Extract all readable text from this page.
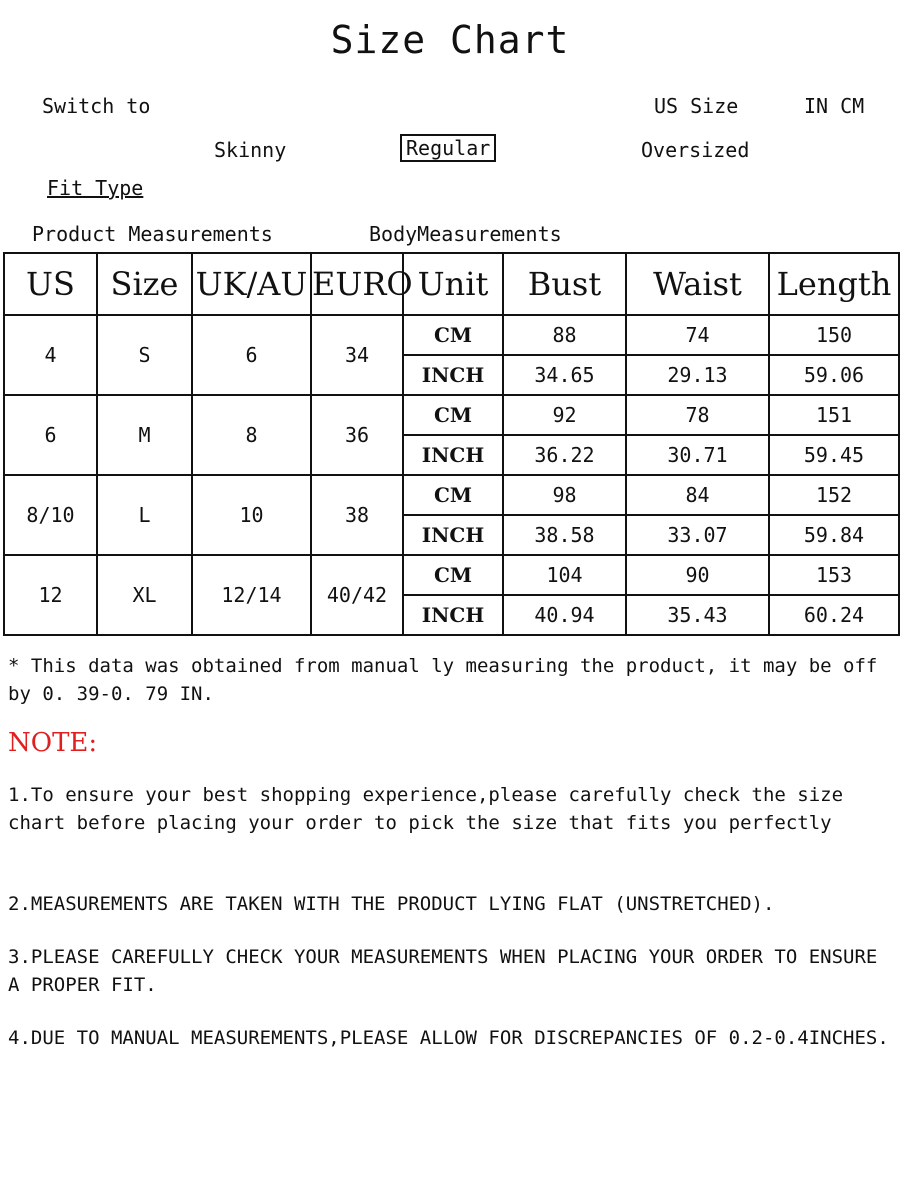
Size Chart
Switch to	US Size	IN CM
Skinny	Regular	Oversized
Fit Type
Product Measurements	BodyMeasurements
US	Size	UK/AU	EURO	Unit	Bust	Waist	Length
4	S	6	34	CM	88	74	150
				INCH	34.65	29.13	59.06
6	M	8	36	CM	92	78	151
				INCH	36.22	30.71	59.45
8/10	L	10	38	CM	98	84	152
				INCH	38.58	33.07	59.84
12	XL	12/14	40/42	CM	104	90	153
				INCH	40.94	35.43	60.24
* This data was obtained from manual ly measuring the product, it may be off by 0. 39-0. 79 IN.
NOTE:
1.To ensure your best shopping experience,please carefully check the size chart before placing your order to pick the size that fits you perfectly
2.MEASUREMENTS ARE TAKEN WITH THE PRODUCT LYING FLAT (UNSTRETCHED).
3.PLEASE CAREFULLY CHECK YOUR MEASUREMENTS WHEN PLACING YOUR ORDER TO ENSURE A PROPER FIT.
4.DUE TO MANUAL MEASUREMENTS,PLEASE ALLOW FOR DISCREPANCIES OF 0.2-0.4INCHES.
